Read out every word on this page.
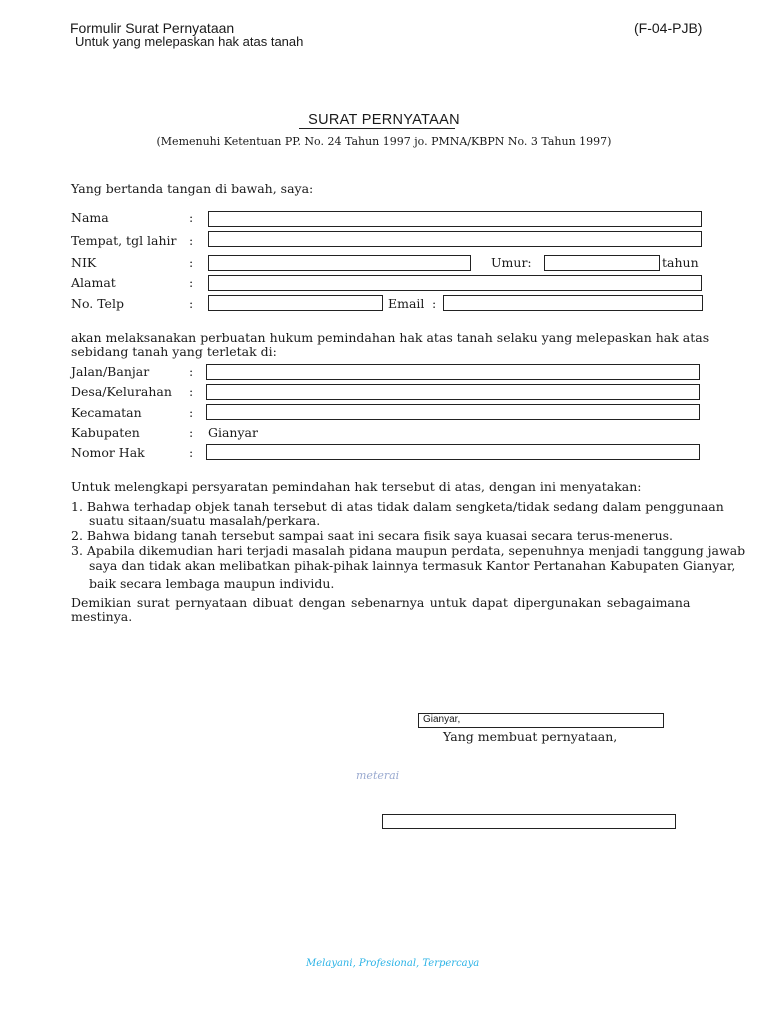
Formulir Surat Pernyataan
Untuk yang melepaskan hak atas tanah
(F-04-PJB)
SURAT PERNYATAAN
(Memenuhi Ketentuan PP. No. 24 Tahun 1997 jo. PMNA/KBPN No. 3 Tahun 1997)
Yang bertanda tangan di bawah, saya:
Nama	:
Tempat, tgl lahir :
NIK	:	Umur:	tahun
Alamat	:
No. Telp	:	Email :
akan melaksanakan perbuatan hukum pemindahan hak atas tanah selaku yang melepaskan hak atas
sebidang tanah yang terletak di:
Jalan/Banjar	:
Desa/Kelurahan :
Kecamatan	:
Kabupaten	: Gianyar
Nomor Hak	:
Untuk melengkapi persyaratan pemindahan hak tersebut di atas, dengan ini menyatakan:
1. Bahwa terhadap objek tanah tersebut di atas tidak dalam sengketa/tidak sedang dalam penggunaan
suatu sitaan/suatu masalah/perkara.
2. Bahwa bidang tanah tersebut sampai saat ini secara fisik saya kuasai secara terus-menerus.
3. Apabila dikemudian hari terjadi masalah pidana maupun perdata, sepenuhnya menjadi tanggung jawab
saya dan tidak akan melibatkan pihak-pihak lainnya termasuk Kantor Pertanahan Kabupaten Gianyar,
baik secara lembaga maupun individu.
Demikian surat pernyataan dibuat dengan sebenarnya untuk dapat dipergunakan sebagaimana
mestinya.
Gianyar,
Yang membuat pernyataan,
meterai
Melayani, Profesional, Terpercaya
